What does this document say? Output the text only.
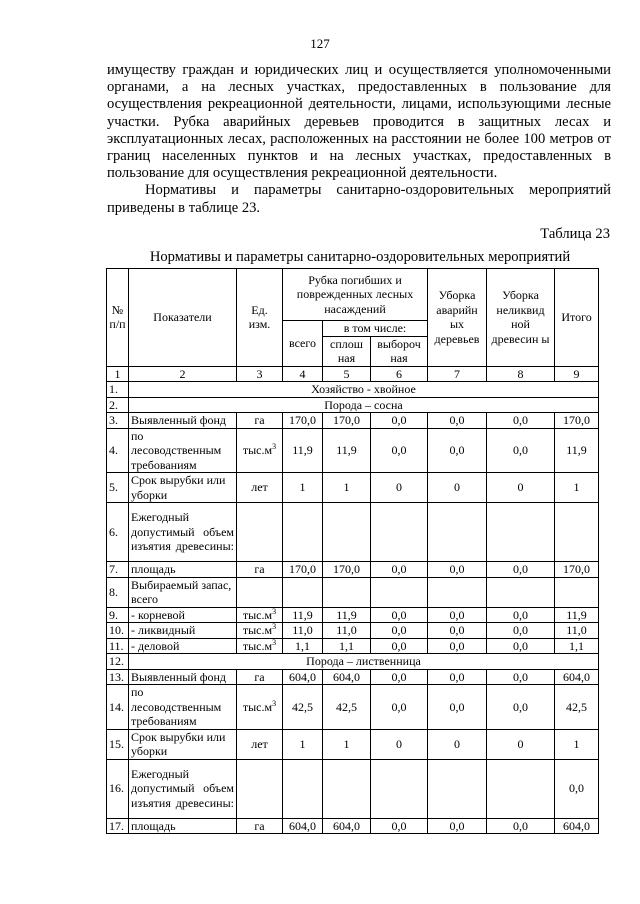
127

имуществу граждан и юридических лиц и осуществляется уполномоченными органами, а на лесных участках, предоставленных в пользование для осуществления рекреационной деятельности, лицами, использующими лесные участки. Рубка аварийных деревьев проводится в защитных лесах и эксплуатационных лесах, расположенных на расстоянии не более 100 метров от границ населенных пунктов и на лесных участках, предоставленных в пользование для осуществления рекреационной деятельности.

Нормативы и параметры санитарно-оздоровительных мероприятий приведены в таблице 23.

Таблица 23
Нормативы и параметры санитарно-оздоровительных мероприятий
№ п/п	Показатели	Ед. изм.	Рубка погибших и поврежденных лесных насаждений			Уборка аварийн ых деревьев	Уборка неликвид ной древесин ы	Итого
			всего	в том числе:				
				сплош ная	выбороч ная			
1	2	3	4	5	6	7	8	9
1.	Хозяйство - хвойное							
2.	Порода – сосна							
3.	Выявленный фонд	га	170,0	170,0	0,0	0,0	0,0	170,0
4.	по лесоводственным требованиям	$тыс.м^3$	11,9	11,9	0,0	0,0	0,0	11,9
5.	Срок вырубки или уборки	лет	1	1	0	0	0	1
6.	Ежегодный допустимый объем изъятия древесины:							
7.	площадь	га	170,0	170,0	0,0	0,0	0,0	170,0
8.	Выбираемый запас, всего							
9.	- корневой	$тыс.м^3$	11,9	11,9	0,0	0,0	0,0	11,9
10.	- ликвидный	$тыс.м^3$	11,0	11,0	0,0	0,0	0,0	11,0
11.	- деловой	$тыс.м^3$	1,1	1,1	0,0	0,0	0,0	1,1
12.	Порода – лиственница							
13.	Выявленный фонд	га	604,0	604,0	0,0	0,0	0,0	604,0
14.	по лесоводственным требованиям	$тыс.м^3$	42,5	42,5	0,0	0,0	0,0	42,5
15.	Срок вырубки или уборки	лет	1	1	0	0	0	1
16.	Ежегодный допустимый объем изъятия древесины:							0,0
17.	площадь	га	604,0	604,0	0,0	0,0	0,0	604,0
